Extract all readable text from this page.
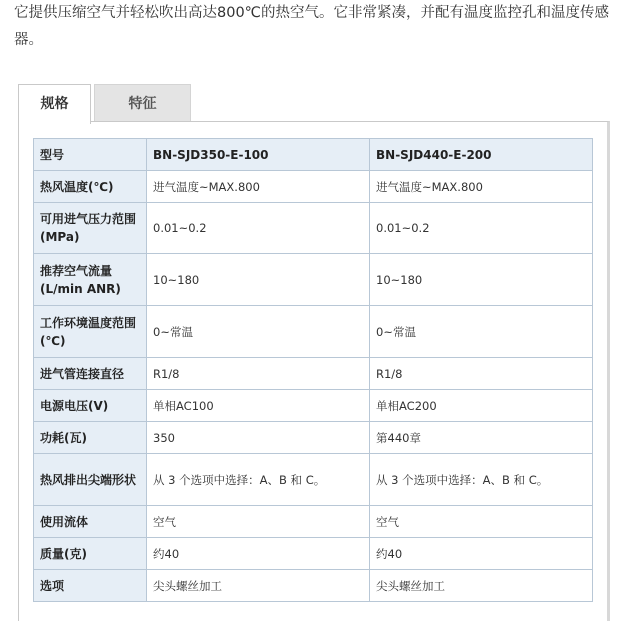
它提供压缩空气并轻松吹出高达800℃的热空气。它非常紧凑，并配有温度监控孔和温度传感器。
规格	特征
型号	BN-SJD350-E-100	BN-SJD440-E-200
热风温度(℃)	进气温度~MAX.800	进气温度~MAX.800
可用进气压力范围(MPa)	0.01~0.2	0.01~0.2
推荐空气流量(L/min ANR)	10~180	10~180
工作环境温度范围(℃)	0~常温	0~常温
进气管连接直径	R1/8	R1/8
电源电压(V)	单相AC100	单相AC200
功耗(瓦)	350	第440章
热风排出尖端形状	从 3 个选项中选择：A、B 和 C。	从 3 个选项中选择：A、B 和 C。
使用流体	空气	空气
质量(克)	约40	约40
选项	尖头螺丝加工	尖头螺丝加工
